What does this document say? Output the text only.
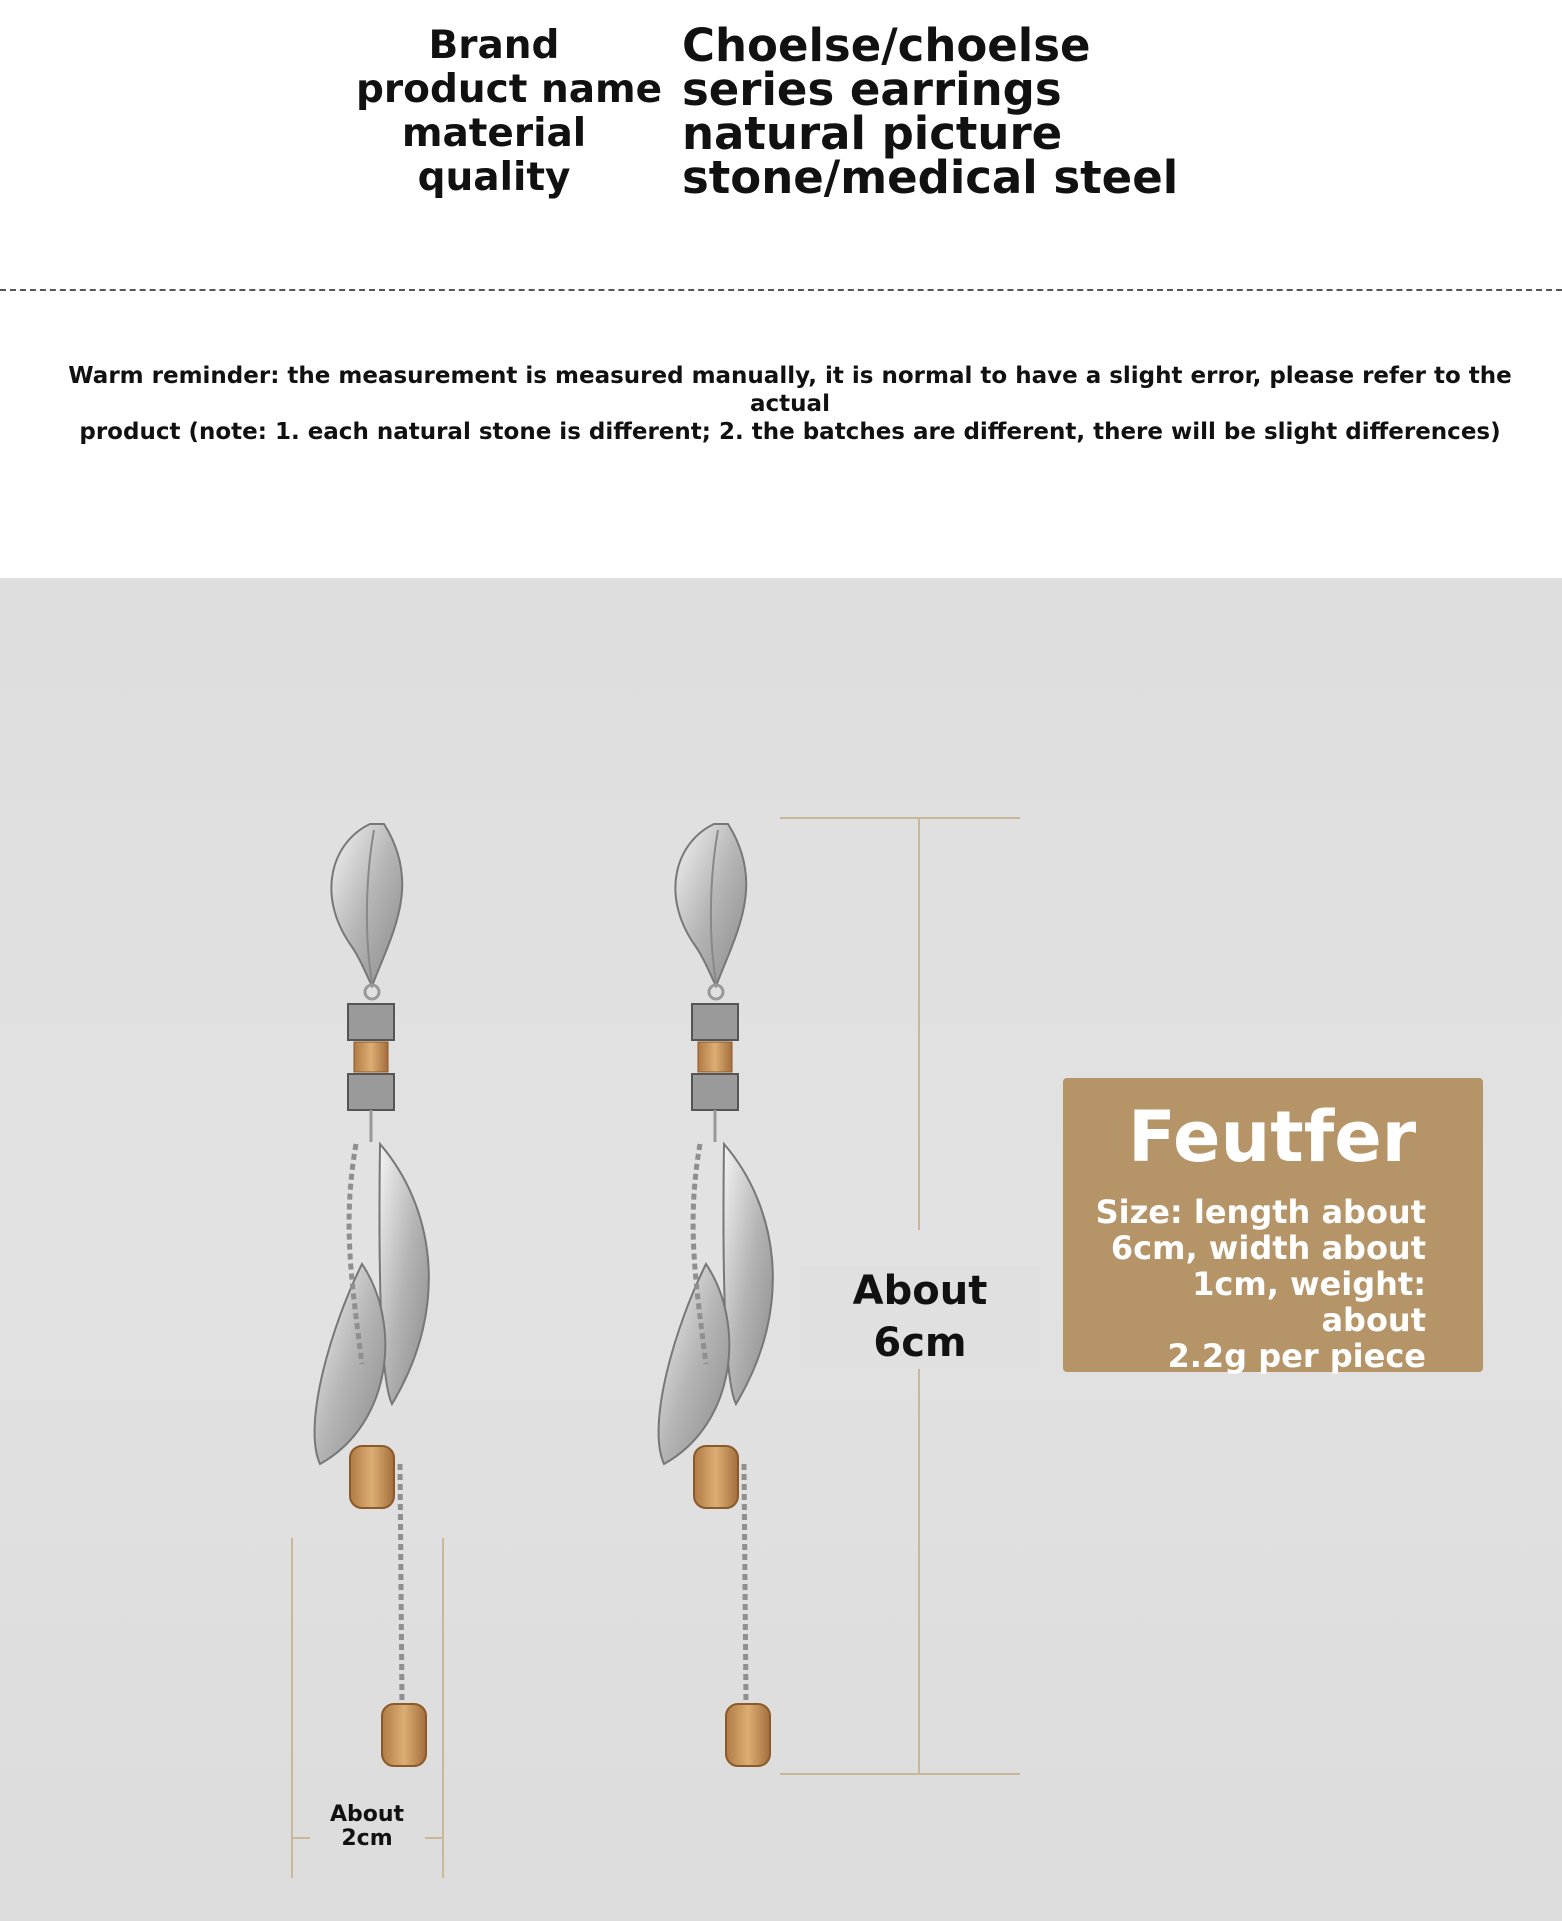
Brand
product name
material
quality
Choelse/choelse
series earrings
natural picture
stone/medical steel
Warm reminder: the measurement is measured manually, it is normal to have a slight error, please refer to the actual
product (note: 1. each natural stone is different; 2. the batches are different, there will be slight differences)
About 6cm
About
2cm
Feutfer
Size: length about
6cm, width about
1cm, weight: about
2.2g per piece
